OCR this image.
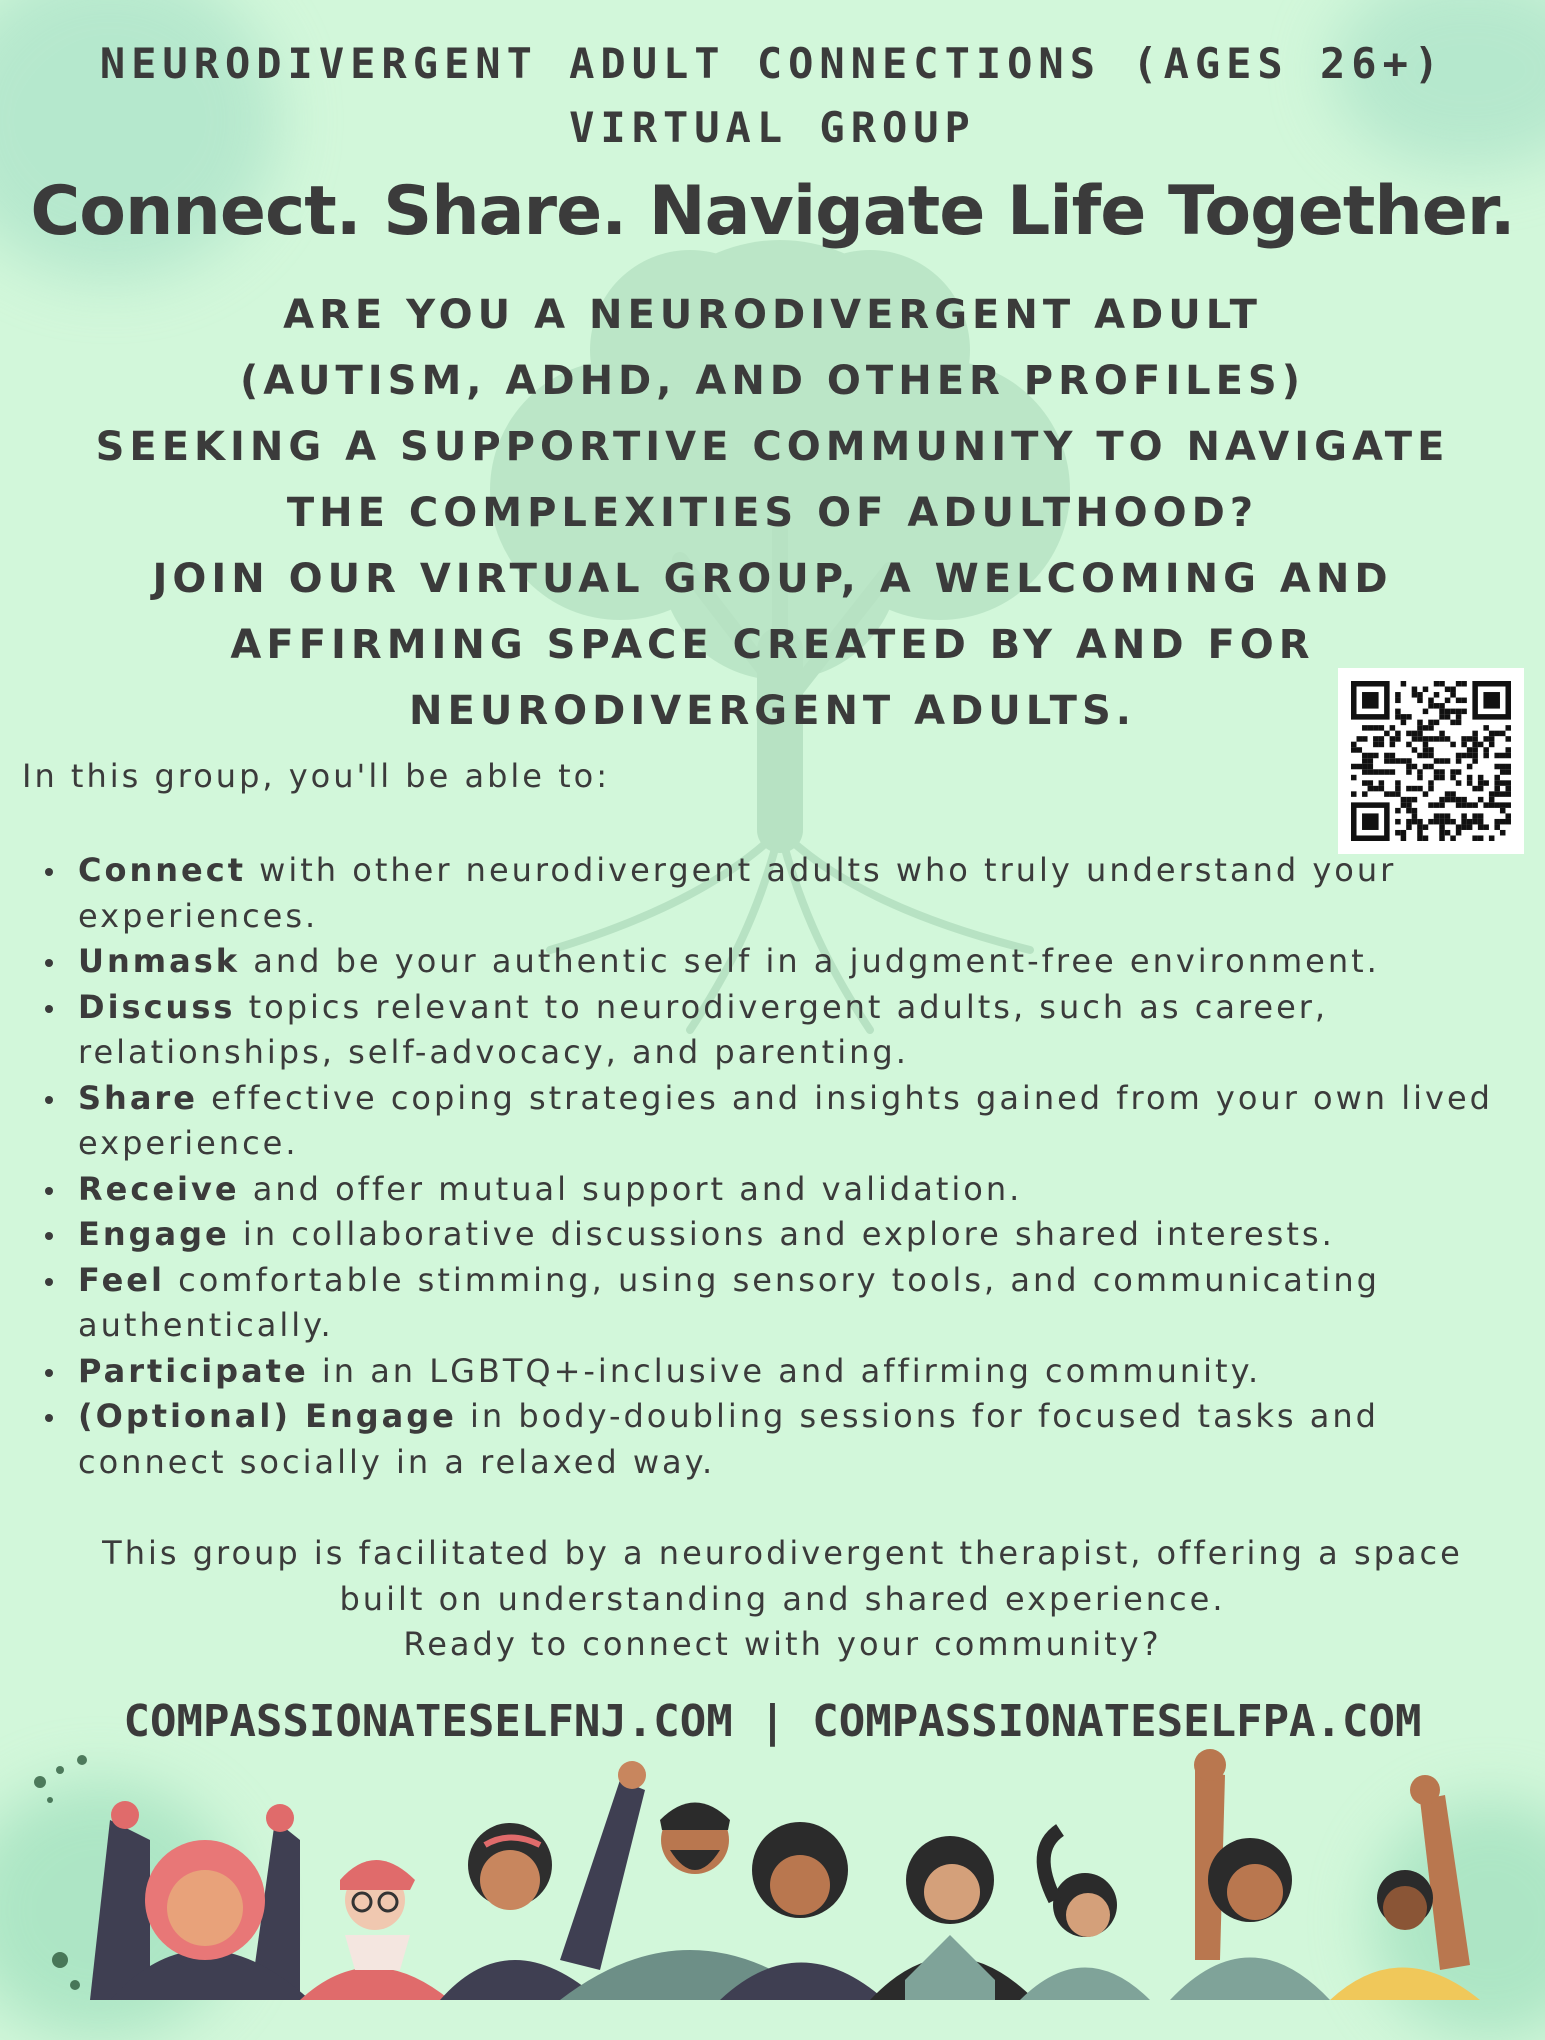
NEURODIVERGENT ADULT CONNECTIONS (AGES 26+)
VIRTUAL GROUP
Connect. Share. Navigate Life Together.
ARE YOU A NEURODIVERGENT ADULT
(AUTISM, ADHD, AND OTHER PROFILES)
SEEKING A SUPPORTIVE COMMUNITY TO NAVIGATE
THE COMPLEXITIES OF ADULTHOOD?
JOIN OUR VIRTUAL GROUP, A WELCOMING AND
AFFIRMING SPACE CREATED BY AND FOR
NEURODIVERGENT ADULTS.

In this group, you'll be able to:

Connect with other neurodivergent adults who truly understand your experiences.
Unmask and be your authentic self in a judgment-free environment.
Discuss topics relevant to neurodivergent adults, such as career, relationships, self-advocacy, and parenting.
Share effective coping strategies and insights gained from your own lived experience.
Receive and offer mutual support and validation.
Engage in collaborative discussions and explore shared interests.
Feel comfortable stimming, using sensory tools, and communicating authentically.
Participate in an LGBTQ+-inclusive and affirming community.
(Optional) Engage in body-doubling sessions for focused tasks and connect socially in a relaxed way.
This group is facilitated by a neurodivergent therapist, offering a space
built on understanding and shared experience.
Ready to connect with your community?

COMPASSIONATESELFNJ.COM | COMPASSIONATESELFPA.COM
